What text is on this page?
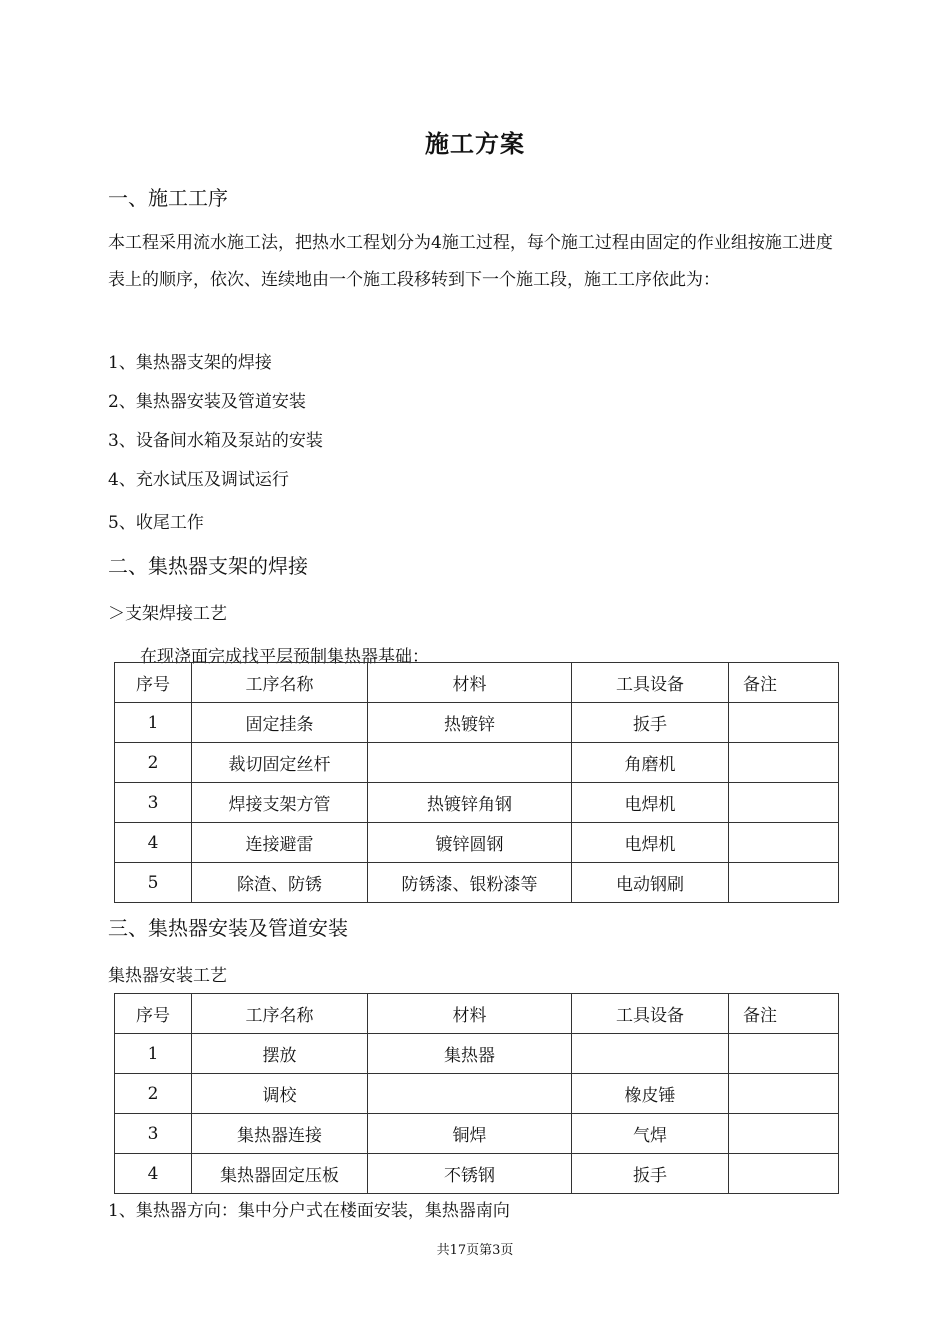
施工方案
一、施工工序
本工程采用流水施工法，把热水工程划分为4施工过程，每个施工过程由固定的作业组按施工进度表上的顺序，依次、连续地由一个施工段移转到下一个施工段，施工工序依此为：
1、集热器支架的焊接
2、集热器安装及管道安装
3、设备间水箱及泵站的安装
4、充水试压及调试运行
5、收尾工作
二、集热器支架的焊接
＞支架焊接工艺
在现浇面完成找平层预制集热器基础：
序号	工序名称	材料	工具设备	备注
1	固定挂条	热镀锌	扳手	
2	裁切固定丝杆		角磨机	
3	焊接支架方管	热镀锌角钢	电焊机	
4	连接避雷	镀锌圆钢	电焊机	
5	除渣、防锈	防锈漆、银粉漆等	电动钢刷	
三、集热器安装及管道安装
集热器安装工艺
序号	工序名称	材料	工具设备	备注
1	摆放	集热器		
2	调校		橡皮锤	
3	集热器连接	铜焊	气焊	
4	集热器固定压板	不锈钢	扳手	
1、集热器方向：集中分户式在楼面安装，集热器南向
共17页第3页
